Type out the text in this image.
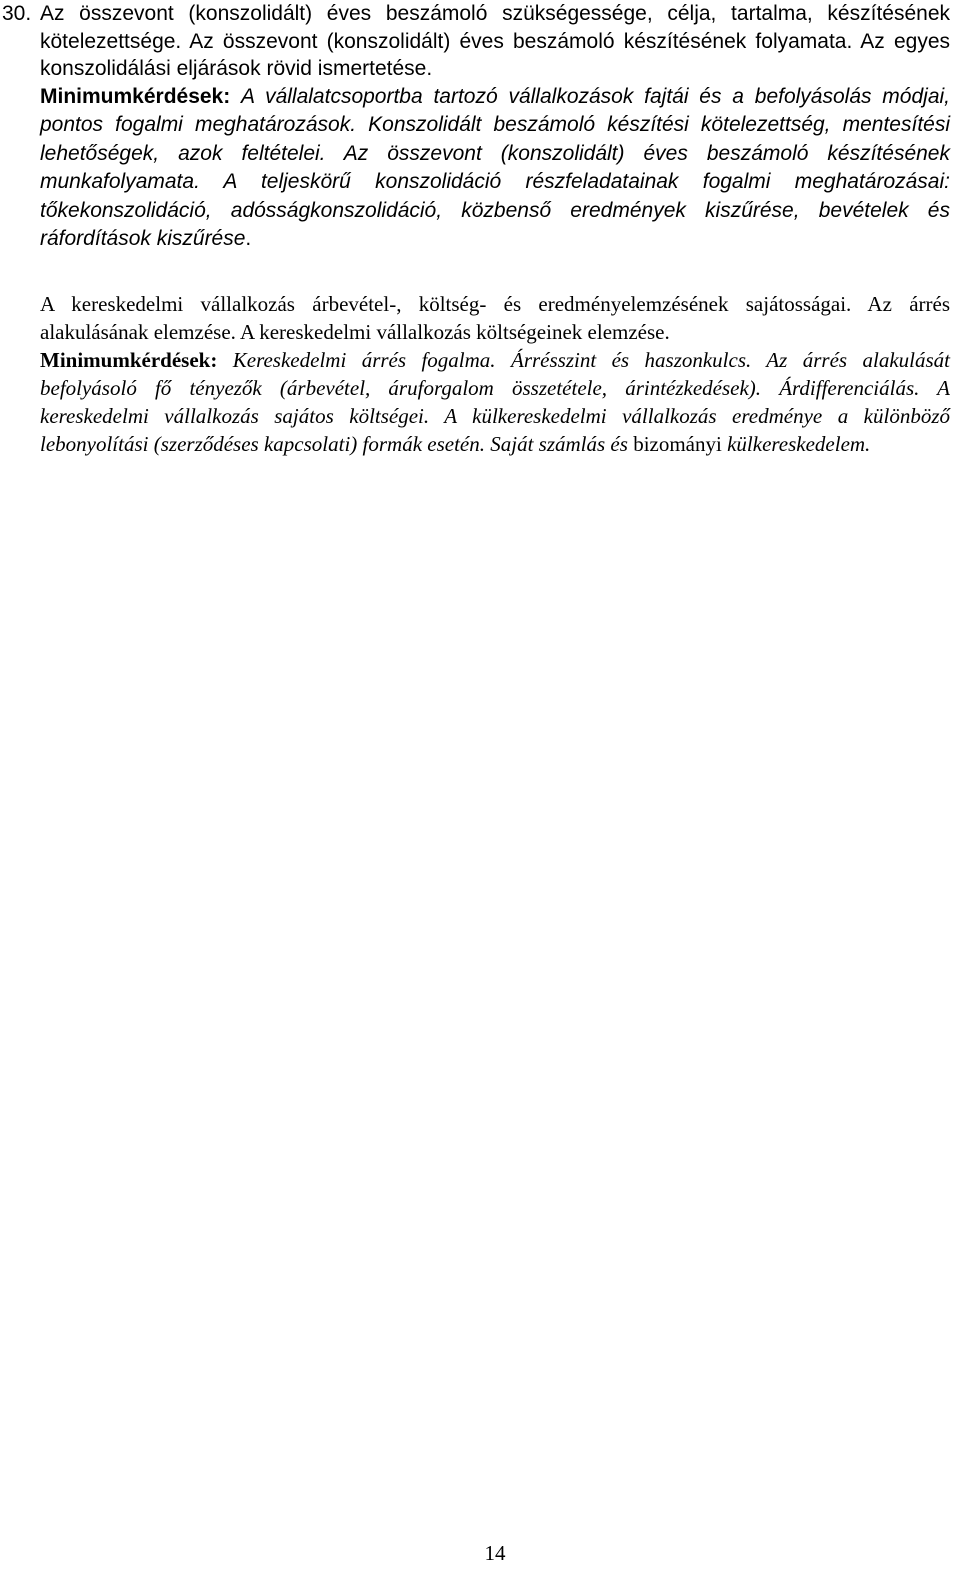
30. Az összevont (konszolidált) éves beszámoló szükségessége, célja, tartalma, készítésének kötelezettsége. Az összevont (konszolidált) éves beszámoló készítésének folyamata. Az egyes konszolidálási eljárások rövid ismertetése.
Minimumkérdések: A vállalatcsoportba tartozó vállalkozások fajtái és a befolyásolás módjai, pontos fogalmi meghatározások. Konszolidált beszámoló készítési kötelezettség, mentesítési lehetőségek, azok feltételei. Az összevont (konszolidált) éves beszámoló készítésének munkafolyamata. A teljeskörű konszolidáció részfeladatainak fogalmi meghatározásai: tőkekonszolidáció, adósságkonszolidáció, közbenső eredmények kiszűrése, bevételek és ráfordítások kiszűrése.
A kereskedelmi vállalkozás árbevétel-, költség- és eredményelemzésének sajátosságai. Az árrés alakulásának elemzése. A kereskedelmi vállalkozás költségeinek elemzése.
Minimumkérdések: Kereskedelmi árrés fogalma. Árrésszint és haszonkulcs. Az árrés alakulását befolyásoló fő tényezők (árbevétel, áruforgalom összetétele, árintézkedések). Árdifferenciálás. A kereskedelmi vállalkozás sajátos költségei. A külkereskedelmi vállalkozás eredménye a különböző lebonyolítási (szerződéses kapcsolati) formák esetén. Saját számlás és bizományi külkereskedelem.
14
